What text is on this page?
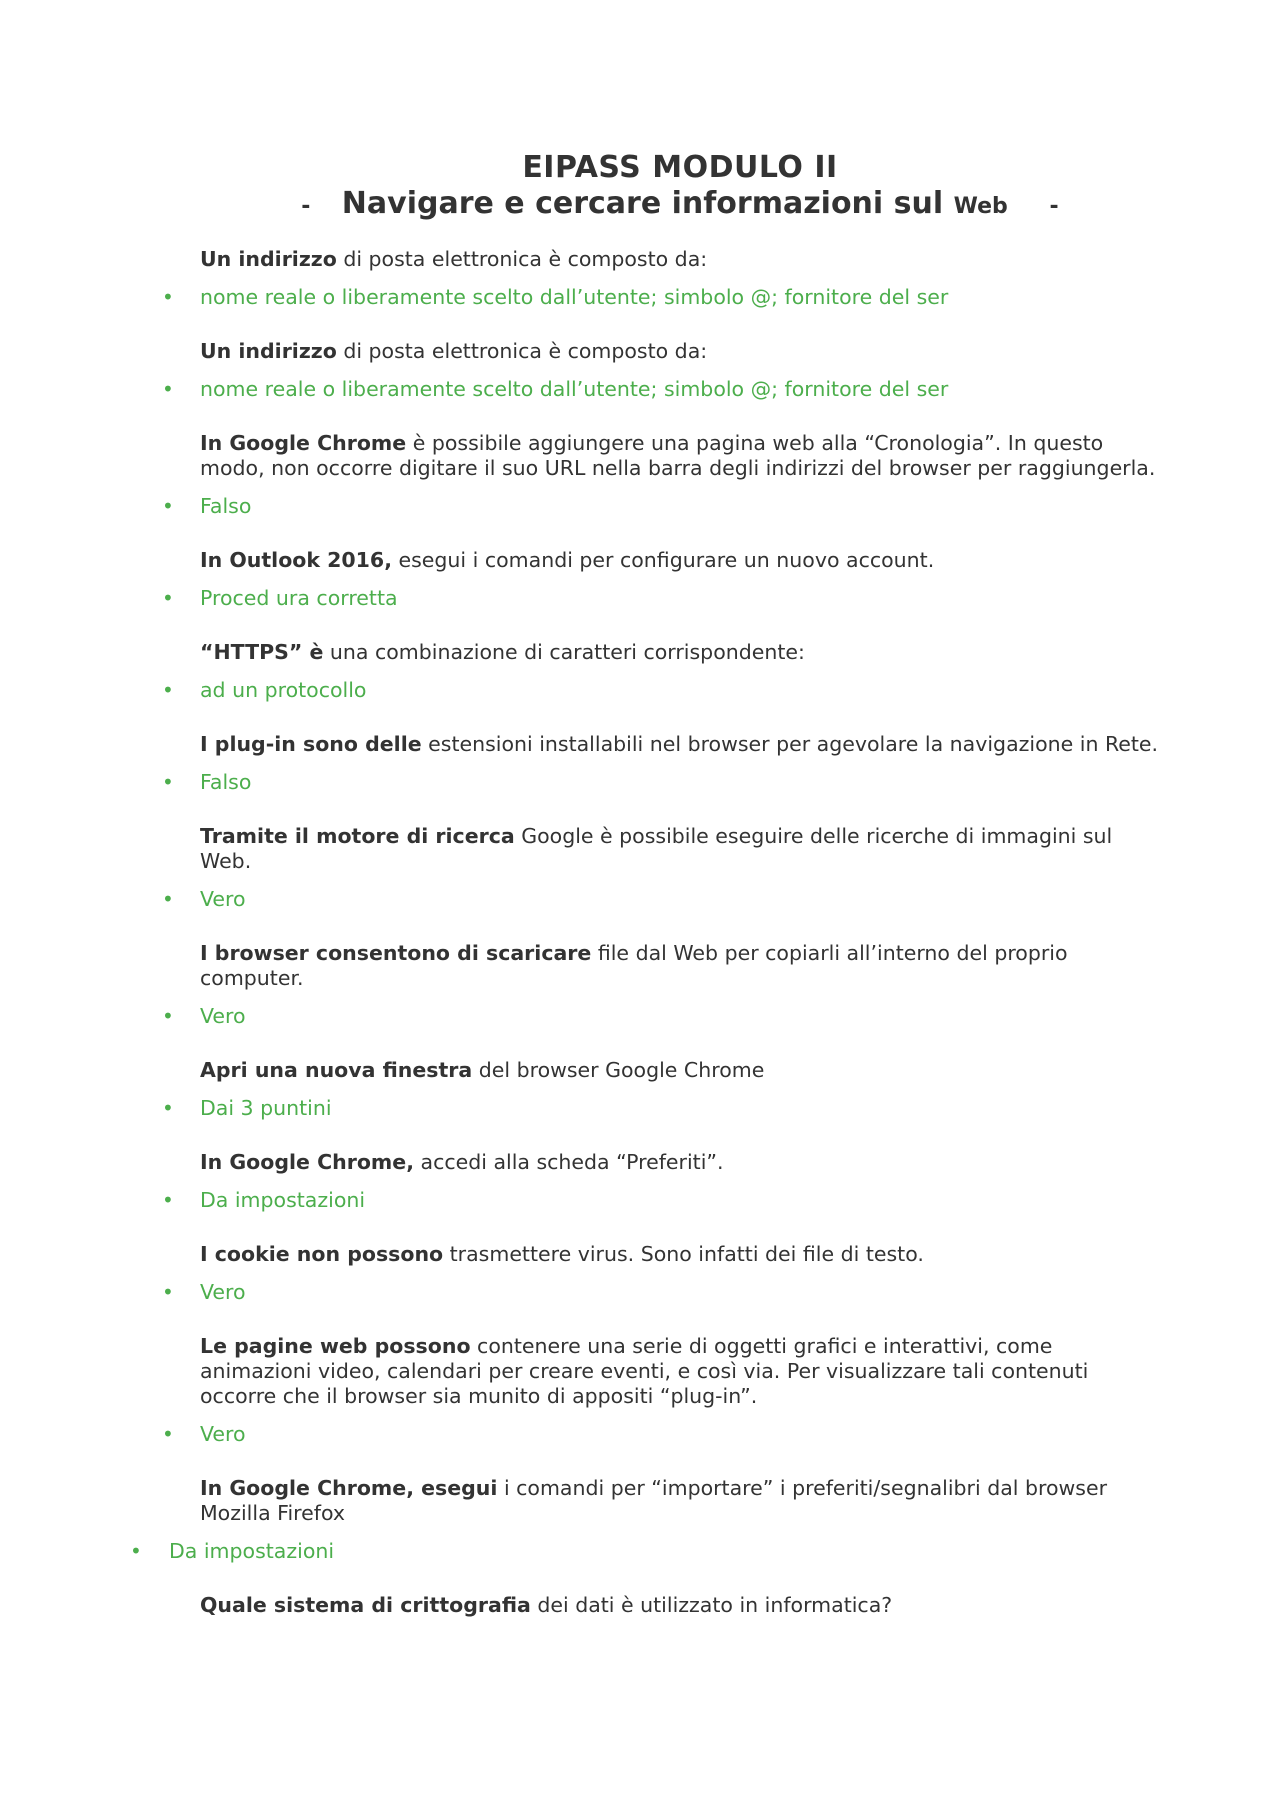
EIPASS MODULO II
- Navigare e cercare informazioni sul Web -
Un indirizzo di posta elettronica è composto da:
• nome reale o liberamente scelto dall’utente; simbolo @; fornitore del ser
Un indirizzo di posta elettronica è composto da:
• nome reale o liberamente scelto dall’utente; simbolo @; fornitore del ser
In Google Chrome è possibile aggiungere una pagina web alla “Cronologia”. In questo modo, non occorre digitare il suo URL nella barra degli indirizzi del browser per raggiungerla.
• Falso
In Outlook 2016, esegui i comandi per configurare un nuovo account.
• Proced ura corretta
“HTTPS” è una combinazione di caratteri corrispondente:
• ad un protocollo
I plug-in sono delle estensioni installabili nel browser per agevolare la navigazione in Rete.
• Falso
Tramite il motore di ricerca Google è possibile eseguire delle ricerche di immagini sul Web.
• Vero
I browser consentono di scaricare file dal Web per copiarli all’interno del proprio computer.
• Vero
Apri una nuova finestra del browser Google Chrome
• Dai 3 puntini
In Google Chrome, accedi alla scheda “Preferiti”.
• Da impostazioni
I cookie non possono trasmettere virus. Sono infatti dei file di testo.
• Vero
Le pagine web possono contenere una serie di oggetti grafici e interattivi, come animazioni video, calendari per creare eventi, e così via. Per visualizzare tali contenuti occorre che il browser sia munito di appositi “plug-in”.
• Vero
In Google Chrome, esegui i comandi per “importare” i preferiti/segnalibri dal browser Mozilla Firefox
• Da impostazioni
Quale sistema di crittografia dei dati è utilizzato in informatica?
